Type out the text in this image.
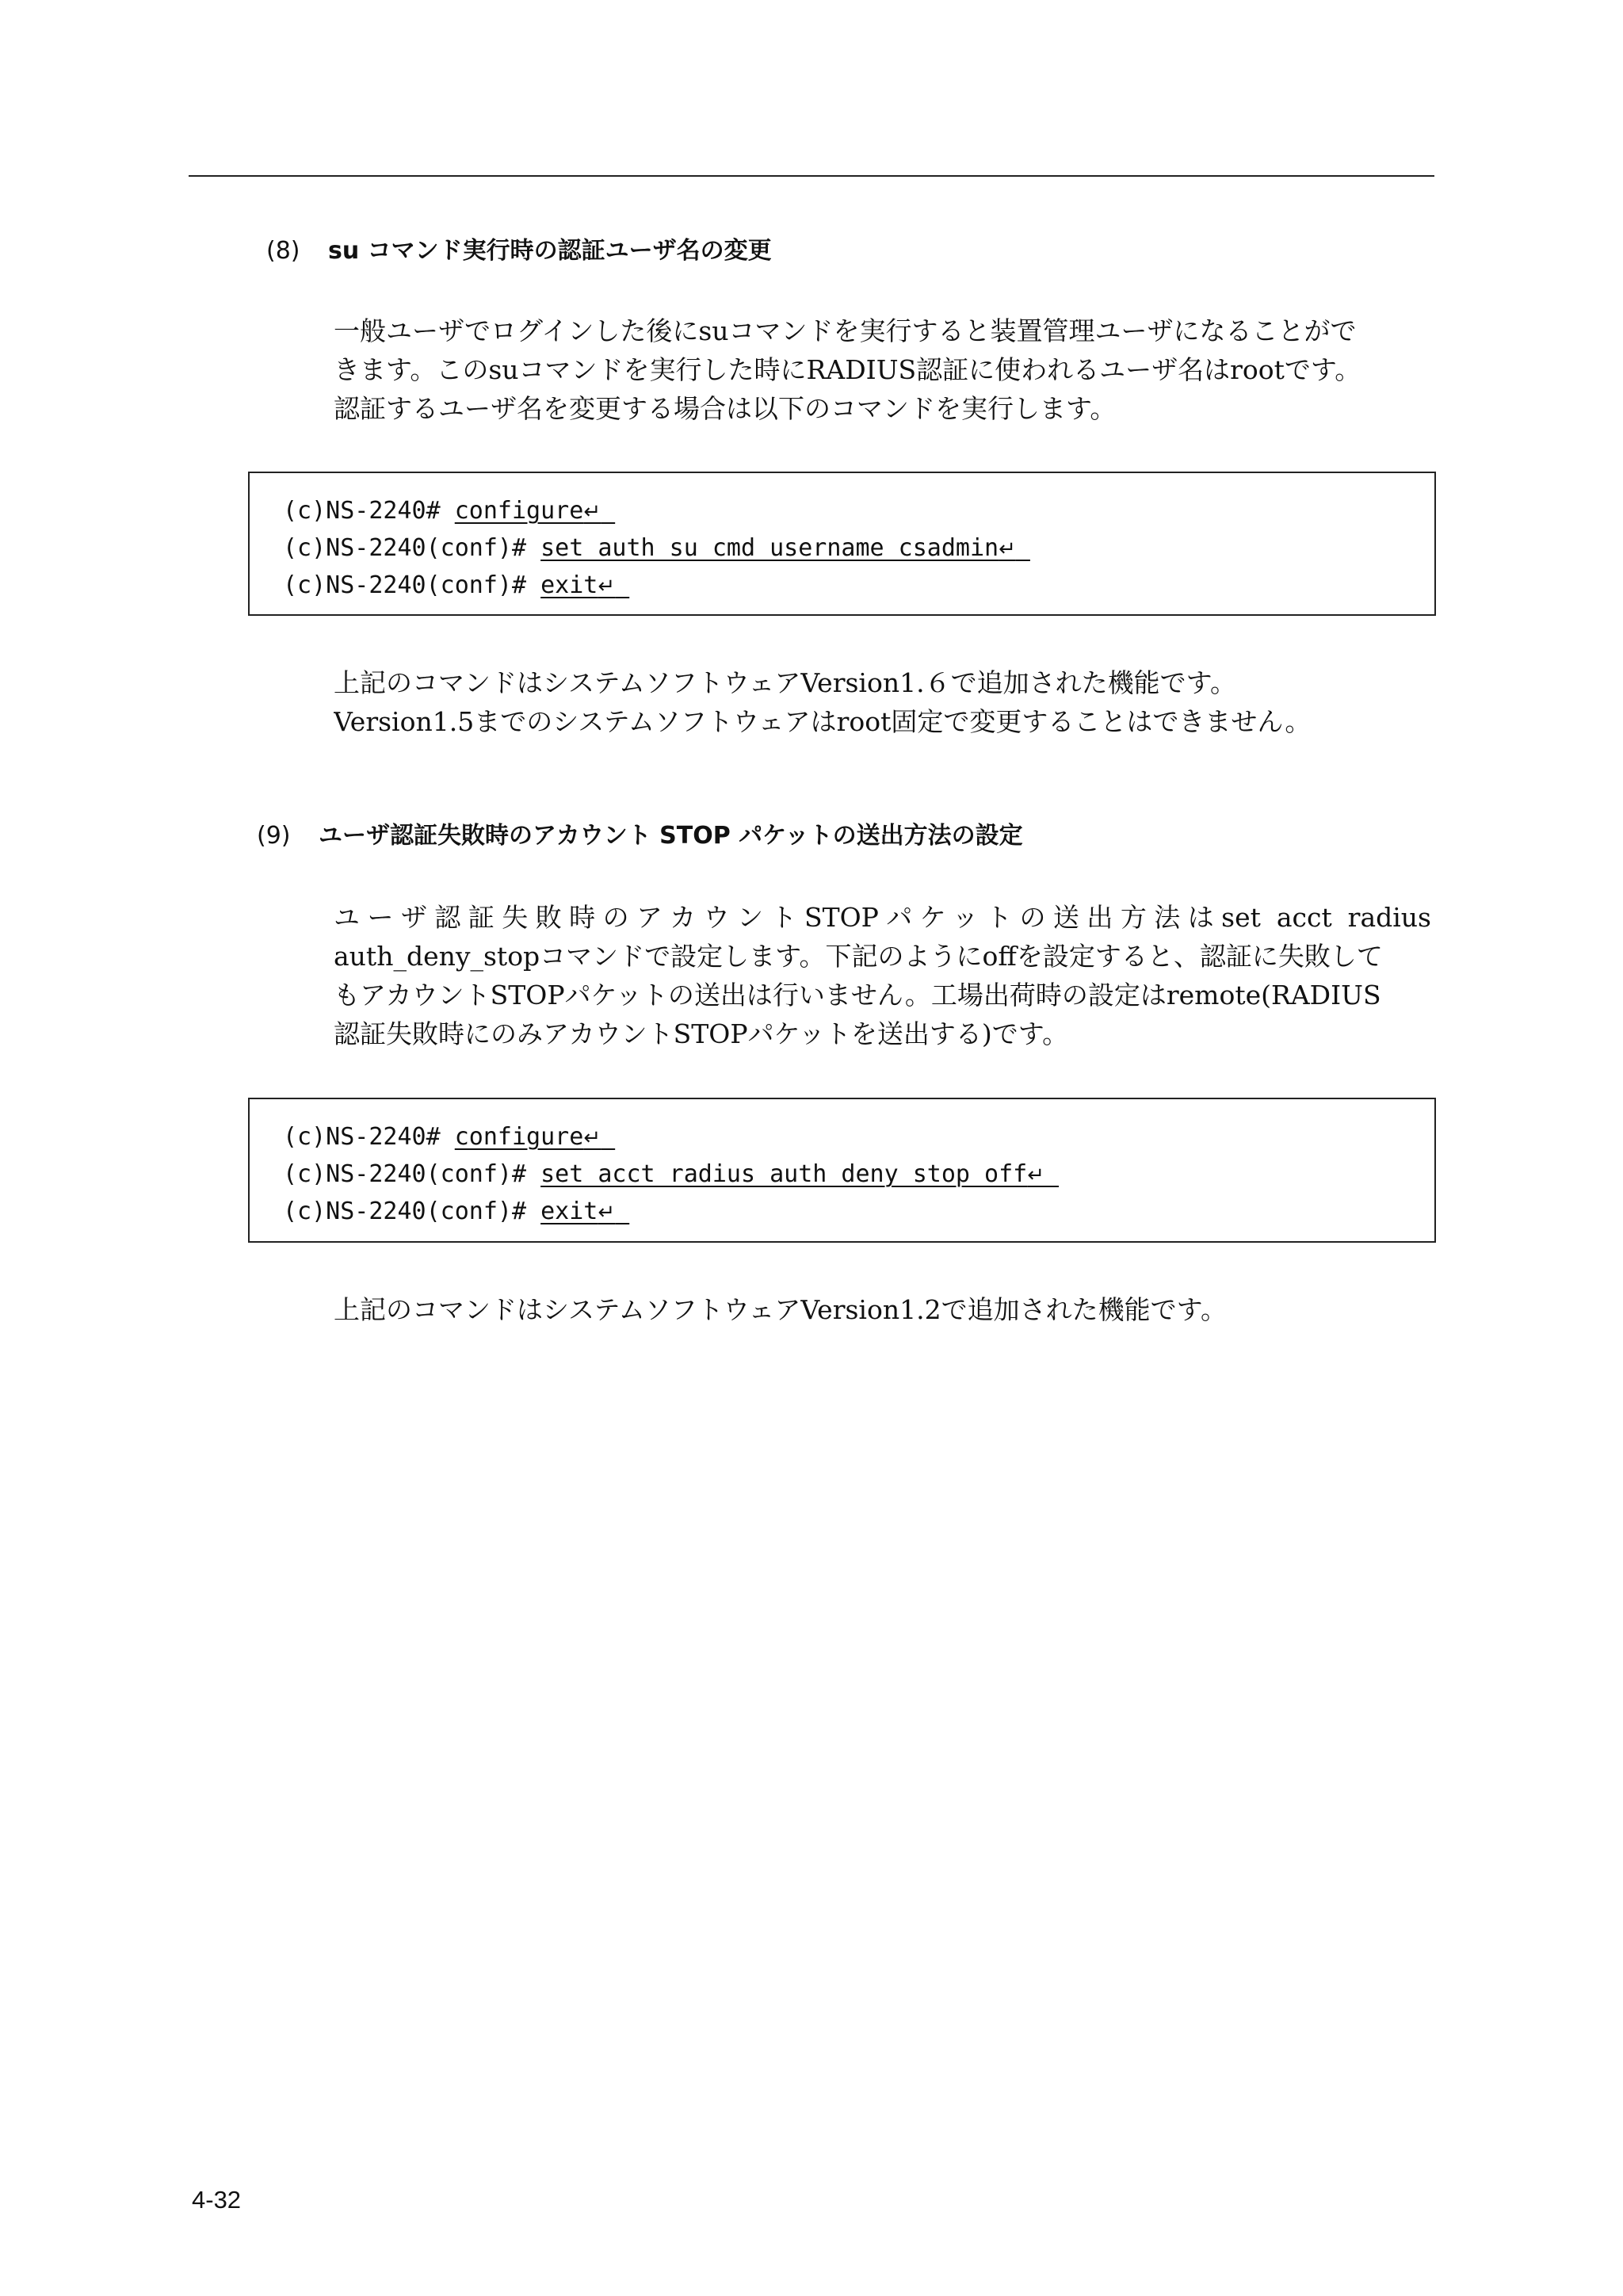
(8) su コマンド実行時の認証ユーザ名の変更

一般ユーザでログインした後にsuコマンドを実行すると装置管理ユーザになることがで

きます。このsuコマンドを実行した時にRADIUS認証に使われるユーザ名はrootです。

認証するユーザ名を変更する場合は以下のコマンドを実行します。

(c)NS-2240# configure↵
(c)NS-2240(conf)# set auth su_cmd username csadmin↵
(c)NS-2240(conf)# exit↵

上記のコマンドはシステムソフトウェアVersion1.６で追加された機能です。

Version1.5までのシステムソフトウェアはroot固定で変更することはできません。

(9) ユーザ認証失敗時のアカウント STOP パケットの送出方法の設定

ユーザ認証失敗時のアカウントSTOPパケットの送出方法はset acct radius

auth_deny_stopコマンドで設定します。下記のようにoffを設定すると、認証に失敗して

もアカウントSTOPパケットの送出は行いません。工場出荷時の設定はremote(RADIUS

認証失敗時にのみアカウントSTOPパケットを送出する)です。

(c)NS-2240# configure↵
(c)NS-2240(conf)# set acct radius auth_deny_stop off↵
(c)NS-2240(conf)# exit↵

上記のコマンドはシステムソフトウェアVersion1.2で追加された機能です。

4-32
